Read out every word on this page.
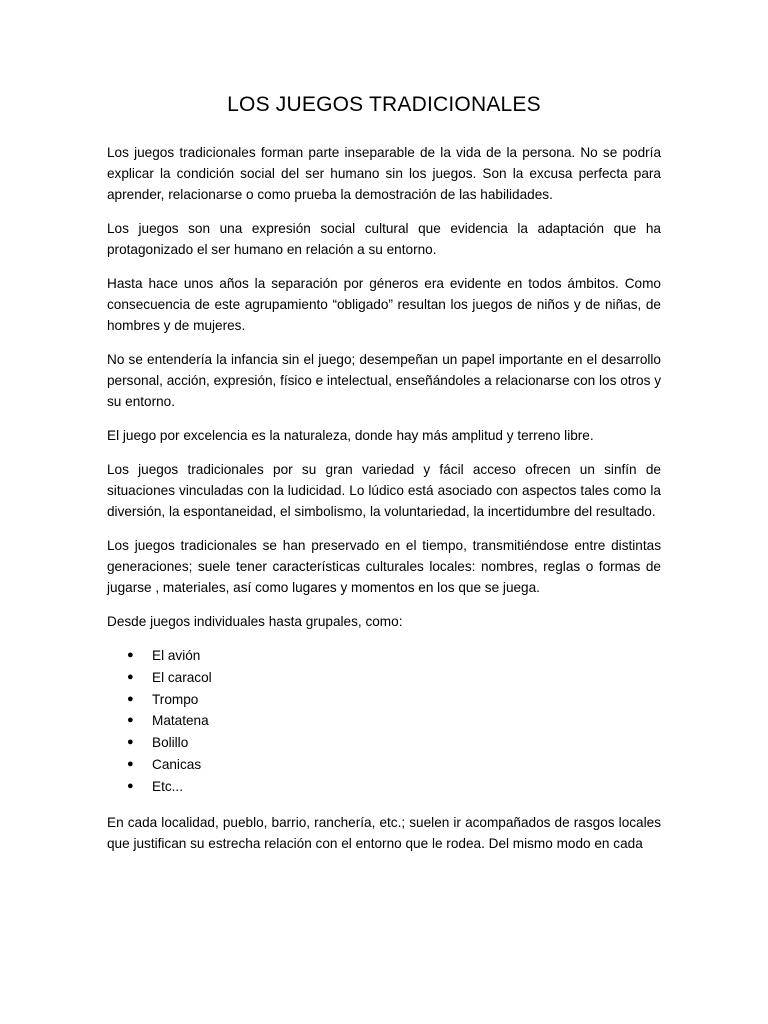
LOS JUEGOS TRADICIONALES

Los juegos tradicionales forman parte inseparable de la vida de la persona. No se podría explicar la condición social del ser humano sin los juegos. Son la excusa perfecta para aprender, relacionarse o como prueba la demostración de las habilidades.

Los juegos son una expresión social cultural que evidencia la adaptación que ha protagonizado el ser humano en relación a su entorno.

Hasta hace unos años la separación por géneros era evidente en todos ámbitos. Como consecuencia de este agrupamiento “obligado” resultan los juegos de niños y de niñas, de hombres y de mujeres.

No se entendería la infancia sin el juego; desempeñan un papel importante en el desarrollo personal, acción, expresión, físico e intelectual, enseñándoles a relacionarse con los otros y su entorno.

El juego por excelencia es la naturaleza, donde hay más amplitud y terreno libre.

Los juegos tradicionales por su gran variedad y fácil acceso ofrecen un sinfín de situaciones vinculadas con la ludicidad. Lo lúdico está asociado con aspectos tales como la diversión, la espontaneidad, el simbolismo, la voluntariedad, la incertidumbre del resultado.

Los juegos tradicionales se han preservado en el tiempo, transmitiéndose entre distintas generaciones; suele tener características culturales locales: nombres, reglas o formas de jugarse , materiales, así como lugares y momentos en los que se juega.

Desde juegos individuales hasta grupales, como:

● El avión
● El caracol
● Trompo
● Matatena
● Bolillo
● Canicas
● Etc...

En cada localidad, pueblo, barrio, ranchería, etc.; suelen ir acompañados de rasgos locales que justifican su estrecha relación con el entorno que le rodea. Del mismo modo en cada
